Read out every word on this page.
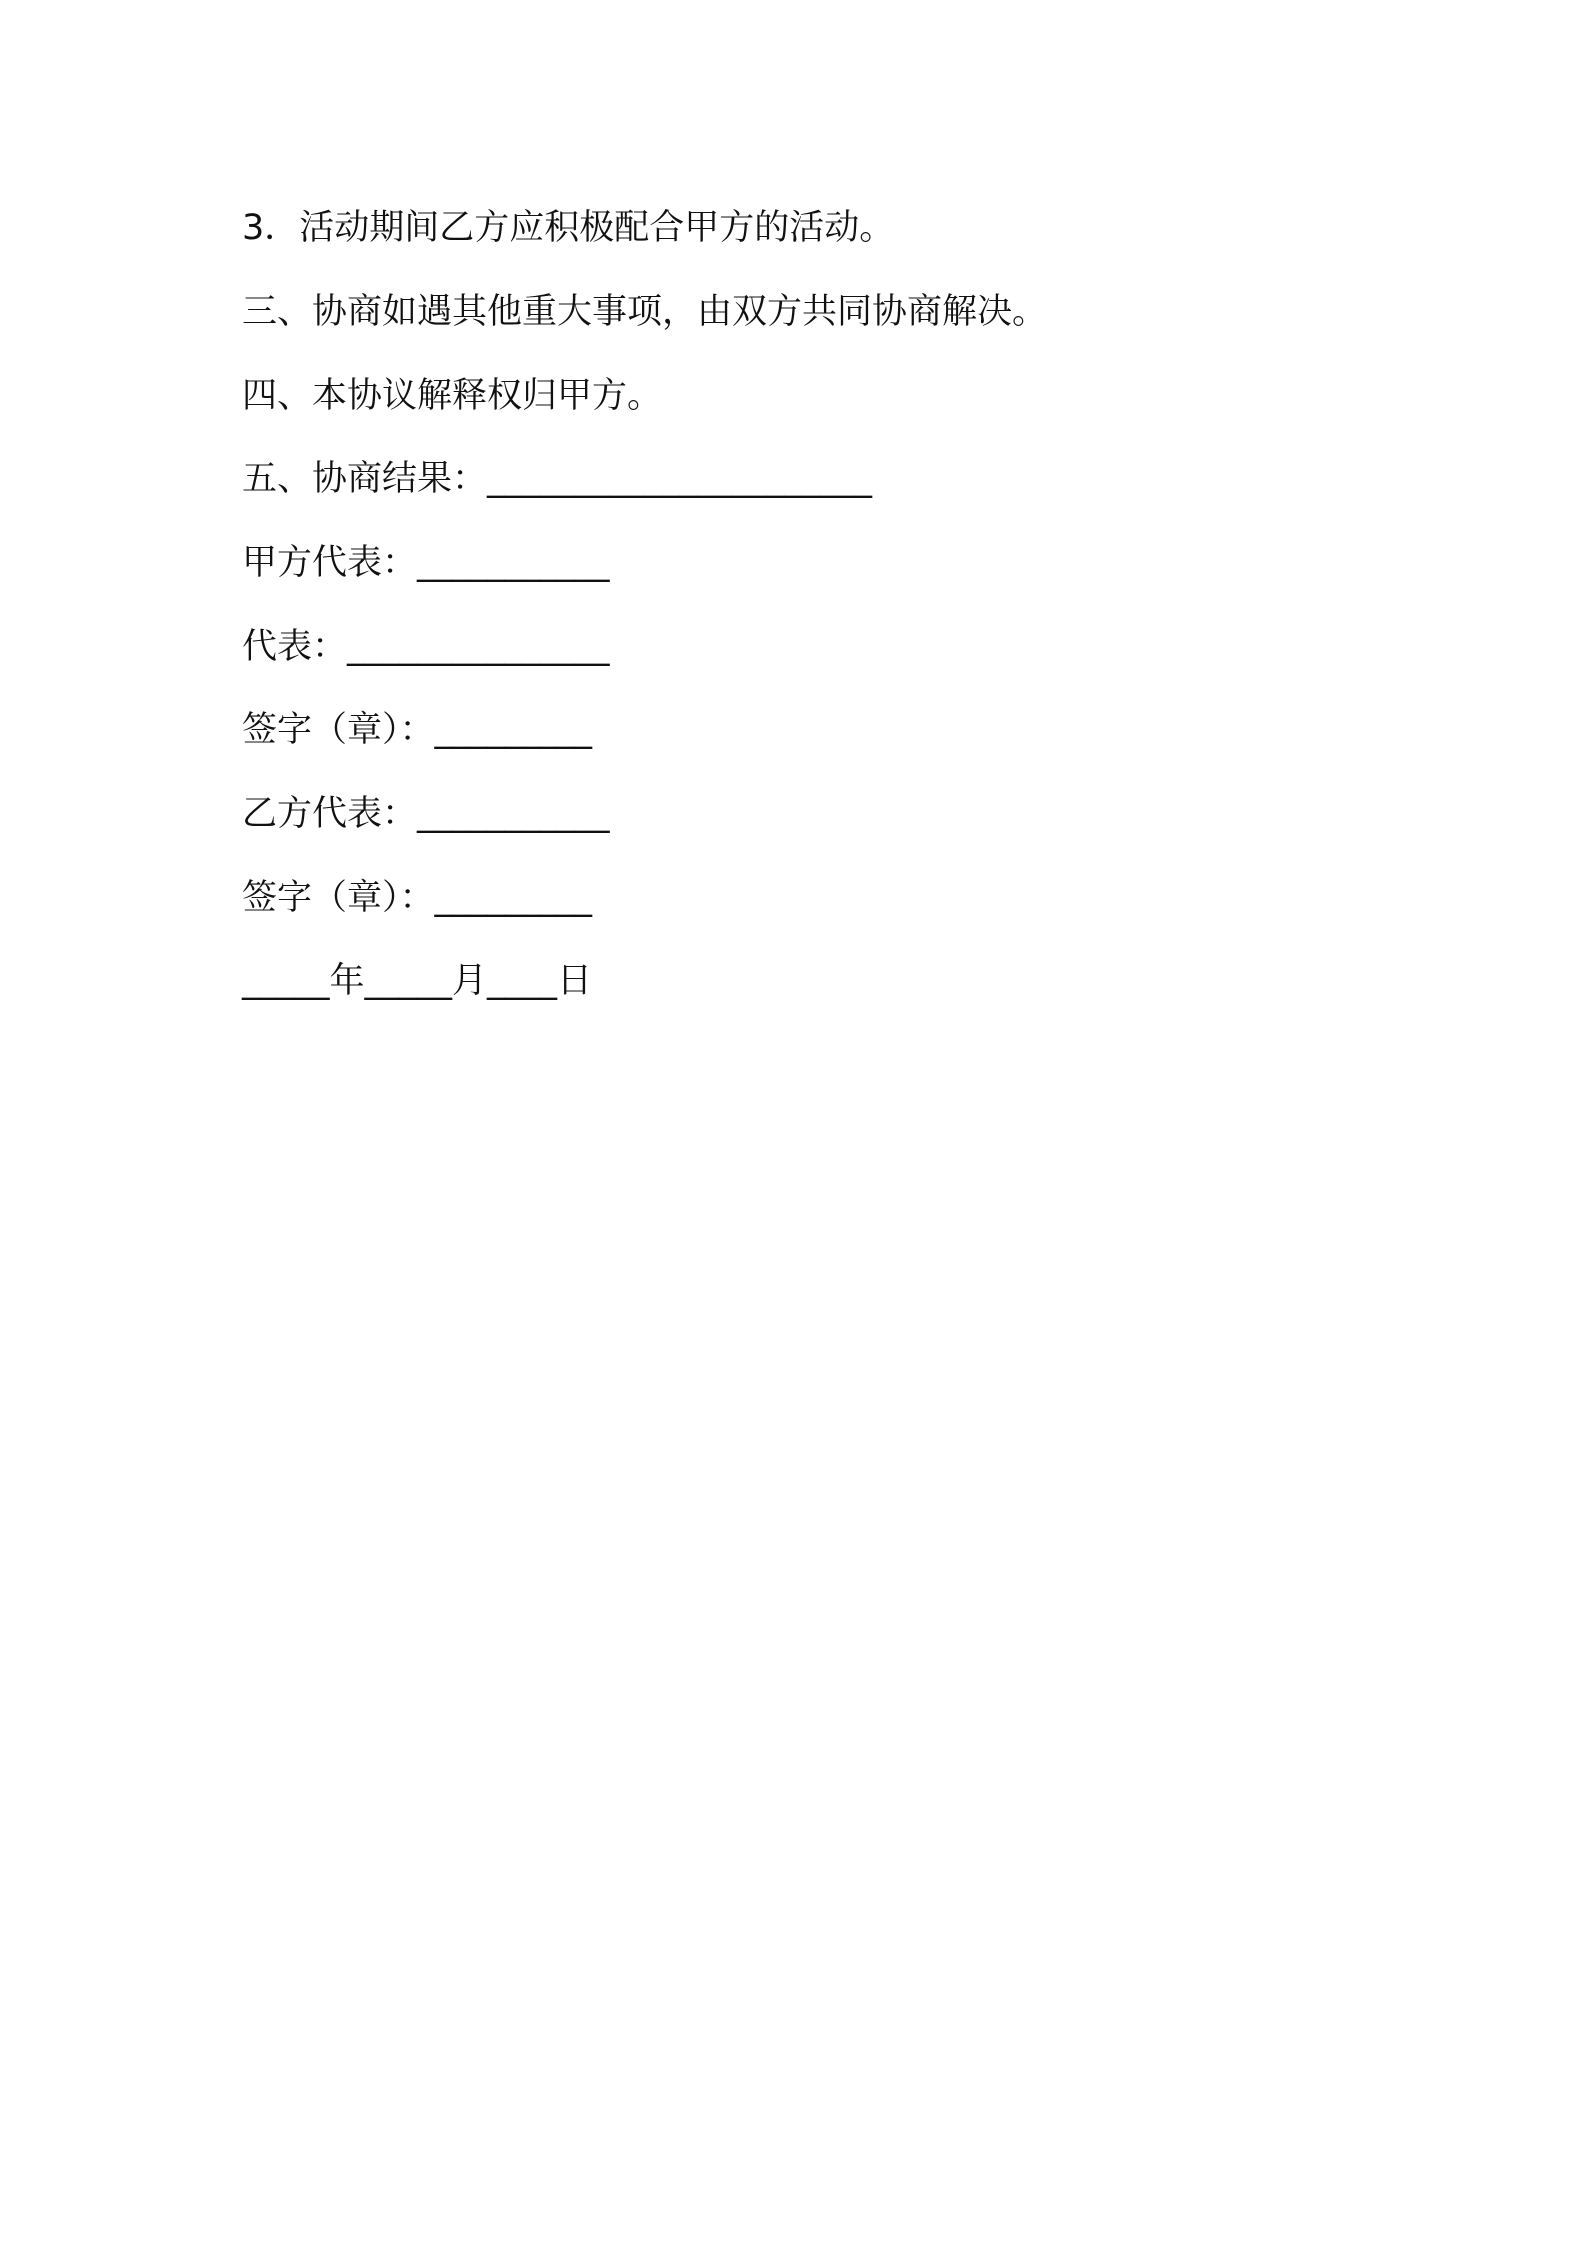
3．活动期间乙方应积极配合甲方的活动。
三、协商如遇其他重大事项，由双方共同协商解决。
四、本协议解释权归甲方。
五、协商结果：______________________
甲方代表：___________
代表：_______________
签字（章）：_________
乙方代表：___________
签字（章）：_________
_____年_____月____日
